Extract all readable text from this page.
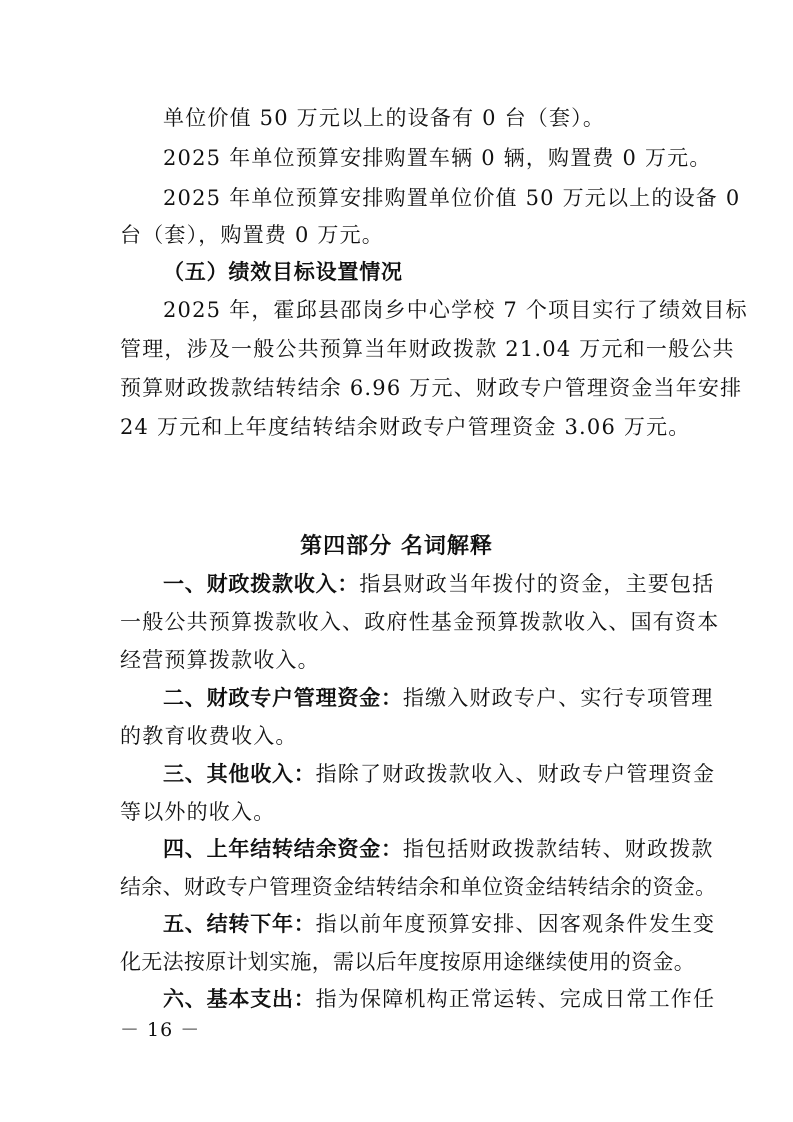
单位价值 50 万元以上的设备有 0 台（套）。
2025 年单位预算安排购置车辆 0 辆，购置费 0 万元。
2025 年单位预算安排购置单位价值 50 万元以上的设备 0
台（套），购置费 0 万元。
（五）绩效目标设置情况
2025 年，霍邱县邵岗乡中心学校 7 个项目实行了绩效目标
管理，涉及一般公共预算当年财政拨款 21.04 万元和一般公共
预算财政拨款结转结余 6.96 万元、财政专户管理资金当年安排
24 万元和上年度结转结余财政专户管理资金 3.06 万元。
第四部分 名词解释
一、财政拨款收入：指县财政当年拨付的资金，主要包括
一般公共预算拨款收入、政府性基金预算拨款收入、国有资本
经营预算拨款收入。
二、财政专户管理资金：指缴入财政专户、实行专项管理
的教育收费收入。
三、其他收入：指除了财政拨款收入、财政专户管理资金
等以外的收入。
四、上年结转结余资金：指包括财政拨款结转、财政拨款
结余、财政专户管理资金结转结余和单位资金结转结余的资金。
五、结转下年：指以前年度预算安排、因客观条件发生变
化无法按原计划实施，需以后年度按原用途继续使用的资金。
六、基本支出：指为保障机构正常运转、完成日常工作任
－ 16 －
